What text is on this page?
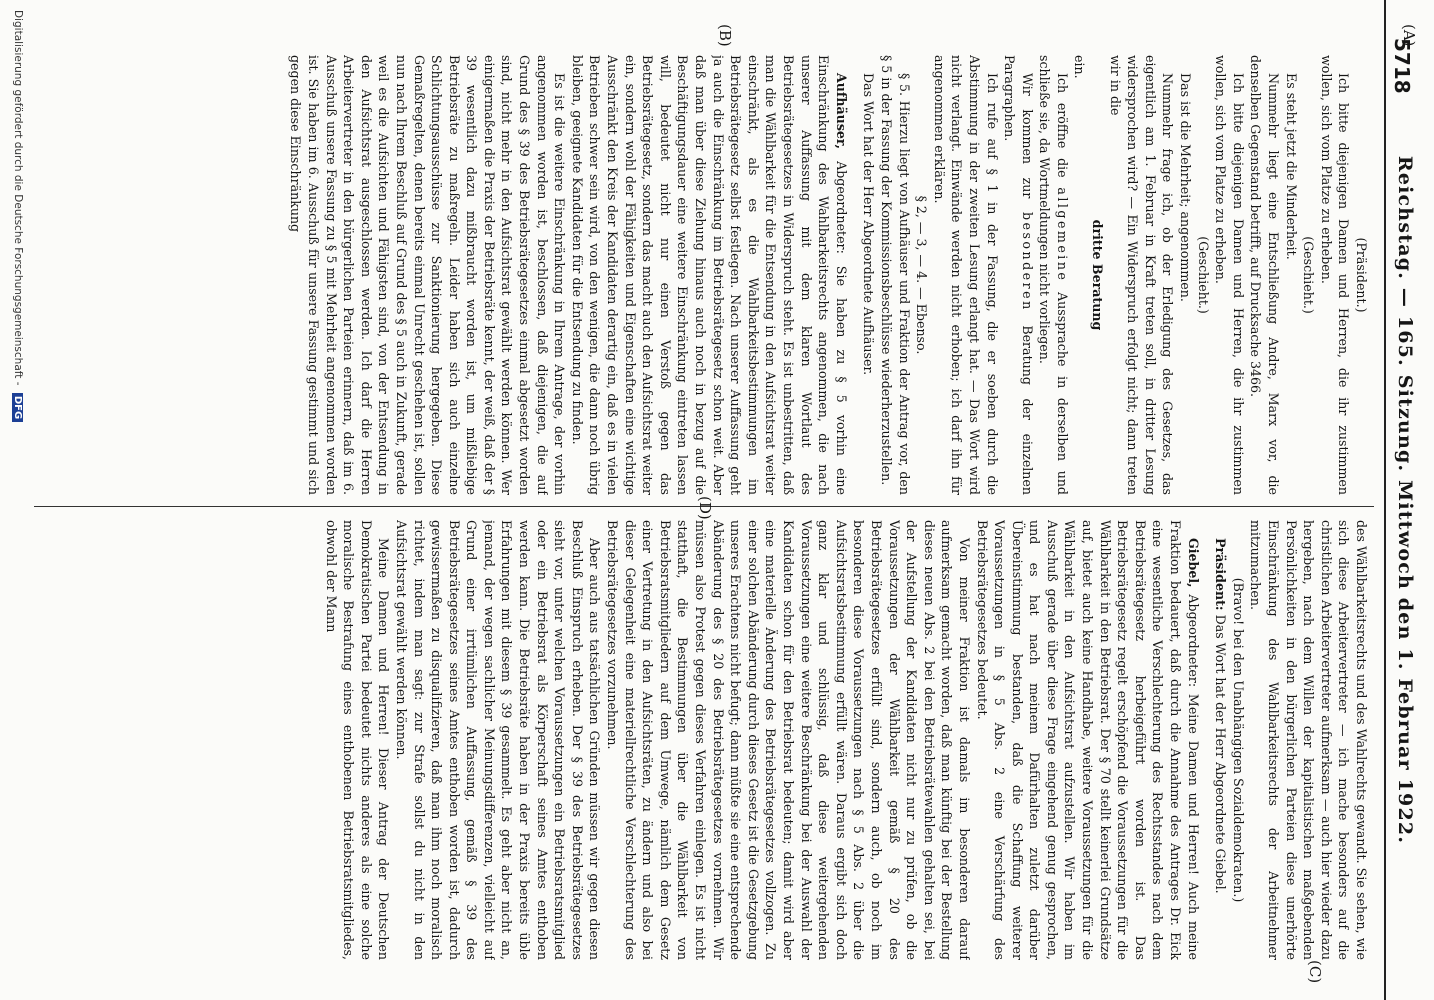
5718
Reichstag. — 165. Sitzung. Mittwoch den 1. Februar 1922.
(A)
(B)
(C)
(D)

(Präsident.)

Ich bitte diejenigen Damen und Herren, die ihr zustimmen wollen, sich vom Platze zu erheben.

(Geschieht.)

Es steht jetzt die Minderheit.

Nummehr liegt eine Entschließung Andre, Marx vor, die denselben Gegenstand betrifft, auf Drucksache 3466.

Ich bitte diejenigen Damen und Herren, die ihr zustimmen wollen, sich vom Platze zu erheben.

(Geschieht.)

Das ist die Mehrheit; angenommen.

Nummehr frage ich, ob der Erledigung des Gesetzes, das eigentlich am 1. Februar in Kraft treten soll, in dritter Lesung widersprochen wird? — Ein Widerspruch erfolgt nicht; dann treten wir in die

dritte Beratung

ein.

Ich eröffne die allgemeine Aussprache in derselben und schließe sie, da Wortmeldungen nicht vorliegen.

Wir kommen zur besonderen Beratung der einzelnen Paragraphen.

Ich rufe auf § 1 in der Fassung, die er soeben durch die Abstimmung in der zweiten Lesung erlangt hat. — Das Wort wird nicht verlangt. Einwände werden nicht erhoben; ich darf ihn für angenommen erklären.

§ 2, — 3, — 4. — Ebenso.

§ 5. Hierzu liegt von Aufhäuser und Fraktion der Antrag vor, den § 5 in der Fassung der Kommissionsbeschlüsse wiederherzustellen.

Das Wort hat der Herr Abgeordnete Aufhäuser.

Aufhäuser, Abgeordneter: Sie haben zu § 5 vorhin eine Einschränkung des Wahlbarkeitsrechts angenommen, die nach unserer Auffassung mit dem klaren Wortlaut des Betriebsrätegesetzes in Widerspruch steht. Es ist unbestritten, daß man die Wählbarkeit für die Entsendung in den Aufsichtsrat weiter einschränkt, als es die Wahlbarkeitsbestimmungen im Betriebsrätegesetz selbst festlegen. Nach unserer Auffassung geht ja auch die Einschränkung im Betriebsrätegesetz schon weit. Aber daß man über diese Ziehung hinaus auch noch in bezug auf die Beschäftigungsdauer eine weitere Einschränkung eintreten lassen will, bedeutet nicht nur einen Verstoß gegen das Betriebsrätegesetz, sondern das macht auch den Aufsichtsrat weiter ein, sondern wohl der Fähigkeiten und Eigenschaften eine wichtige Ausschränkt den Kreis der Kandidaten derartig ein, daß es in vielen Betrieben schwer sein wird, von den wenigen, die dann noch übrig bleiben, geeignete Kandidaten für die Entsendung zu finden.

Es ist die weitere Einschränkung in Ihrem Antrage, der vorhin angenommen worden ist, beschlossen, daß diejenigen, die auf Grund des § 39 des Betriebsrätegesetzes einmal abgesetzt worden sind, nicht mehr in den Aufsichtsrat gewählt werden können. Wer einigermaßen die Praxis der Betriebsräte kennt, der weiß, daß der § 39 wesentlich dazu mißbraucht worden ist, um mißliebige Betriebsräte zu maßregeln. Leider haben sich auch einzelne Schlichtungsausschüsse zur Sanktionierung hergegeben. Diese Gemaßregelten, denen bereits einmal Unrecht geschehen ist, sollen nun nach Ihrem Beschluß auf Grund des § 5 auch in Zukunft, gerade weil es die Aufsichten und Fähigsten sind, von der Entsendung in den Aufsichtsrat ausgeschlossen werden. Ich darf die Herren Arbeitervertreter in den bürgerlichen Parteien erinnern, daß im 6. Ausschuß unsere Fassung zu § 5 mit Mehrheit angenommen worden ist. Sie haben im 6. Ausschuß für unsere Fassung gestimmt und sich gegen diese Einschränkung

des Wählbarkeitsrechts und des Wahlrechts gewandt. Sie sehen, wie sich diese Arbeitervertreter — ich mache besonders auf die christlichen Arbeitervertreter aufmerksam — auch hier wieder dazu hergeben, nach dem Willen der kapitalistischen maßgebenden Persönlichkeiten in den bürgerlichen Parteien diese unerhörte Einschränkung des Wahlbarkeitsrechts der Arbeitnehmer mitzumachen.

(Bravo! bei den Unabhängigen Sozialdemokraten.)

Präsident: Das Wort hat der Herr Abgeordnete Giebel.

Giebel, Abgeordneter: Meine Damen und Herren! Auch meine Fraktion bedauert, daß durch die Annahme des Antrages Dr. Eick eine wesentliche Verschlechterung des Rechtsstandes nach dem Betriebsrätegesetz herbeigeführt worden ist. Das Betriebsrätegesetz regelt erschöpfend die Voraussetzungen für die Wählbarkeit in den Betriebsrat. Der § 70 stellt keinerlei Grundsätze auf, bietet auch keine Handhabe, weitere Voraussetzungen für die Wählbarkeit in den Aufsichtsrat aufzustellen. Wir haben im Ausschuß gerade über diese Frage eingehend genug gesprochen, und es hat nach meinem Dafürhalten zuletzt darüber Übereinstimmung bestanden, daß die Schaffung weiterer Voraussetzungen in § 5 Abs. 2 eine Verschärfung des Betriebsrätegesetzes bedeutet.

Von meiner Fraktion ist damals im besonderen darauf aufmerksam gemacht worden, daß man künftig bei der Bestellung dieses neuen Abs. 2 bei den Betriebsrätewahlen gehalten sei, bei der Aufstellung der Kandidaten nicht nur zu prüfen, ob die Voraussetzungen der Wählbarkeit gemäß § 20 des Betriebsrätegesetzes erfüllt sind, sondern auch, ob noch im besonderen diese Voraussetzungen nach § 5 Abs. 2 über die Aufsichtsratsbestimmung erfüllt wären. Daraus ergibt sich doch ganz klar und schlüssig, daß diese weitergehenden Voraussetzungen eine weitere Beschränkung bei der Auswahl der Kandidaten schon für den Betriebsrat bedeuten; damit wird aber eine materielle Änderung des Betriebsrätegesetzes vollzogen. Zu einer solchen Abänderung durch dieses Gesetz ist die Gesetzgebung unseres Erachtens nicht befugt; dann müßte sie eine entsprechende Abänderung des § 20 des Betriebsrätegesetzes vornehmen. Wir müssen also Protest gegen dieses Verfahren einlegen. Es ist nicht statthaft, die Bestimmungen über die Wählbarkeit von Betriebsratsmitgliedern auf dem Umwege, nämlich dem Gesetz einer Vertretung in den Aufsichtsräten, zu ändern und also bei dieser Gelegenheit eine materiellrechtliche Verschlechterung des Betriebsrätegesetzes vorzunehmen.

Aber auch aus tatsächlichen Gründen müssen wir gegen diesen Beschluß Einspruch erheben. Der § 39 des Betriebsrätegesetzes sieht vor, unter welchen Voraussetzungen ein Betriebsratsmitglied oder ein Betriebsrat als Körperschaft seines Amtes enthoben werden kann. Die Betriebsräte haben in der Praxis bereits üble Erfahrungen mit diesem § 39 gesammelt. Es geht aber nicht an, jemand, der wegen sachlicher Meinungsdifferenzen, vielleicht auf Grund einer irrtümlichen Auffassung, gemäß § 39 des Betriebsrätegesetzes seines Amtes enthoben worden ist, dadurch gewissermaßen zu disqualifizieren, daß man ihm noch moralisch richtet, indem man sagt: zur Strafe sollst du nicht in den Aufsichtsrat gewählt werden können.

Meine Damen und Herren! Dieser Antrag der Deutschen Demokratischen Partei bedeutet nichts anderes als eine solche moralische Bestrafung eines enthobenen Betriebsratsmitgliedes, obwohl der Mann

Digitalisierung gefördert durch die Deutsche Forschungsgemeinschaft - DFG
